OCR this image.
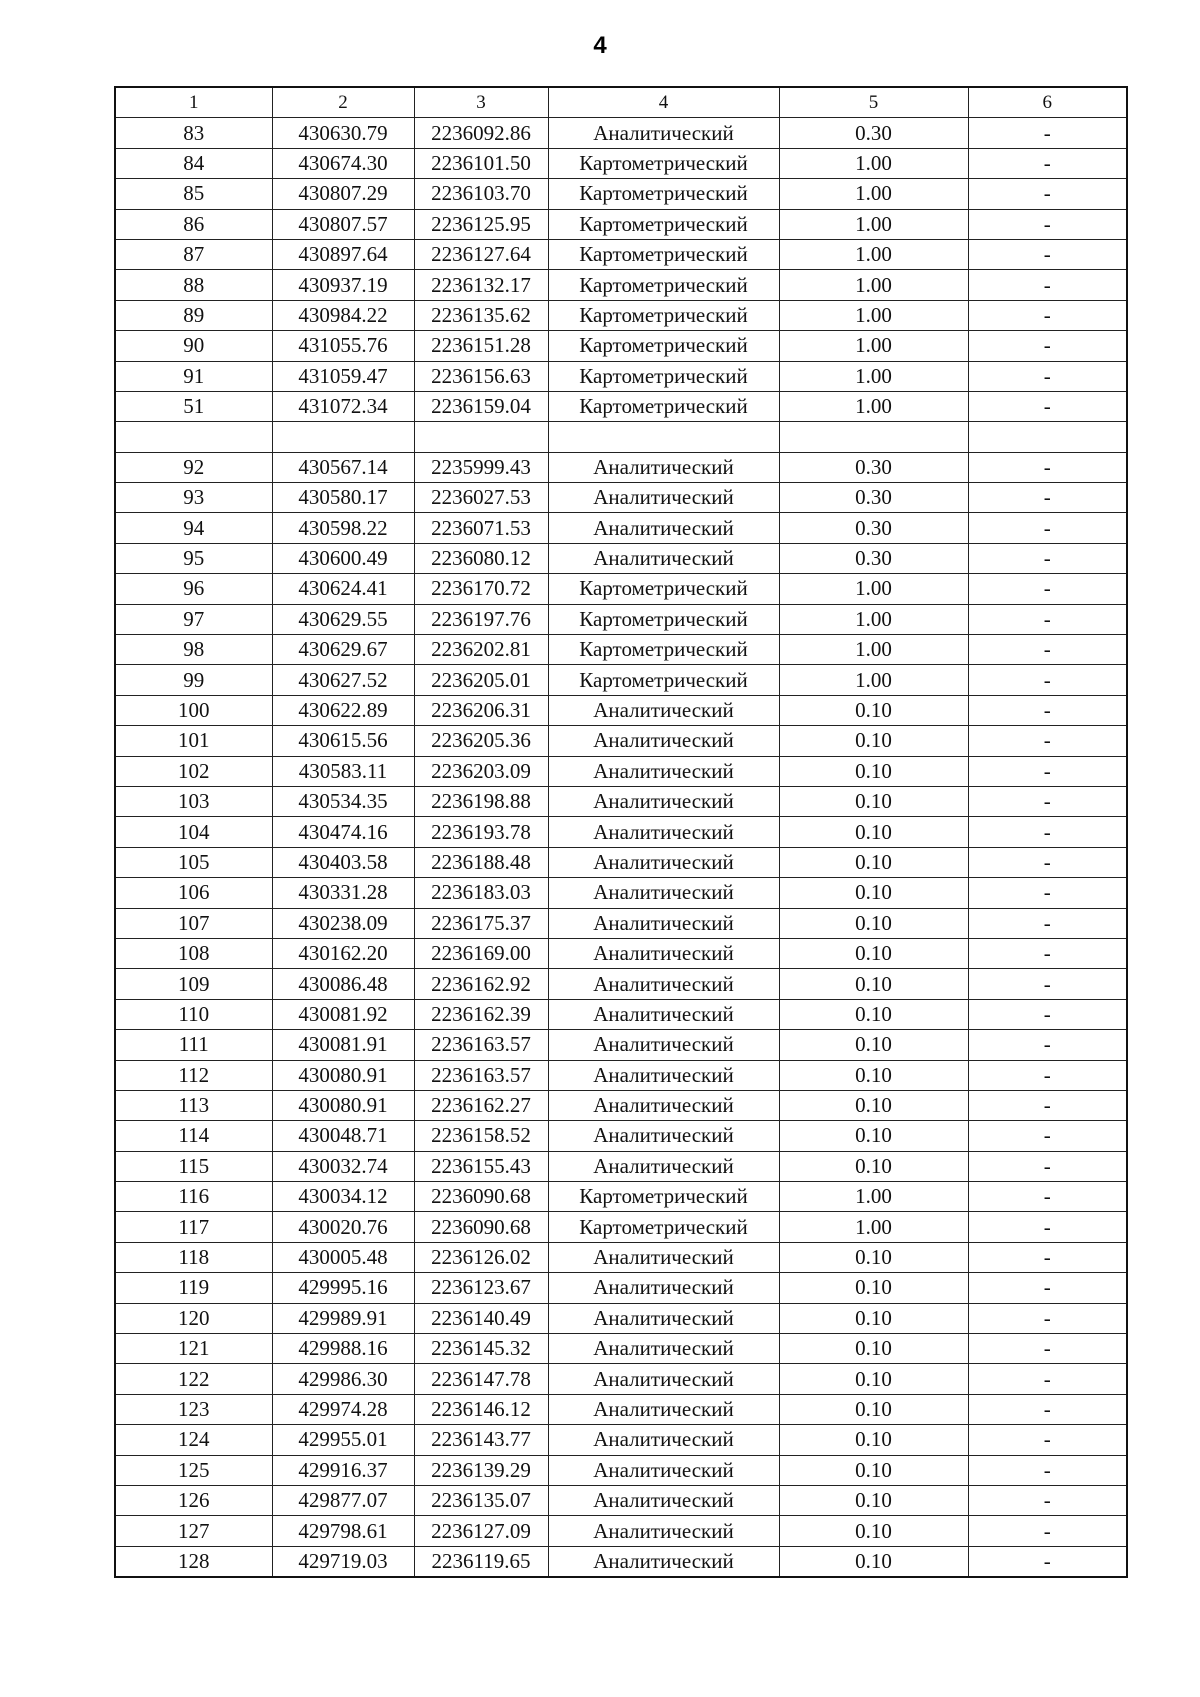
4
1	2	3	4	5	6
83	430630.79	2236092.86	Аналитический	0.30	-
84	430674.30	2236101.50	Картометрический	1.00	-
85	430807.29	2236103.70	Картометрический	1.00	-
86	430807.57	2236125.95	Картометрический	1.00	-
87	430897.64	2236127.64	Картометрический	1.00	-
88	430937.19	2236132.17	Картометрический	1.00	-
89	430984.22	2236135.62	Картометрический	1.00	-
90	431055.76	2236151.28	Картометрический	1.00	-
91	431059.47	2236156.63	Картометрический	1.00	-
51	431072.34	2236159.04	Картометрический	1.00	-

92	430567.14	2235999.43	Аналитический	0.30	-
93	430580.17	2236027.53	Аналитический	0.30	-
94	430598.22	2236071.53	Аналитический	0.30	-
95	430600.49	2236080.12	Аналитический	0.30	-
96	430624.41	2236170.72	Картометрический	1.00	-
97	430629.55	2236197.76	Картометрический	1.00	-
98	430629.67	2236202.81	Картометрический	1.00	-
99	430627.52	2236205.01	Картометрический	1.00	-
100	430622.89	2236206.31	Аналитический	0.10	-
101	430615.56	2236205.36	Аналитический	0.10	-
102	430583.11	2236203.09	Аналитический	0.10	-
103	430534.35	2236198.88	Аналитический	0.10	-
104	430474.16	2236193.78	Аналитический	0.10	-
105	430403.58	2236188.48	Аналитический	0.10	-
106	430331.28	2236183.03	Аналитический	0.10	-
107	430238.09	2236175.37	Аналитический	0.10	-
108	430162.20	2236169.00	Аналитический	0.10	-
109	430086.48	2236162.92	Аналитический	0.10	-
110	430081.92	2236162.39	Аналитический	0.10	-
111	430081.91	2236163.57	Аналитический	0.10	-
112	430080.91	2236163.57	Аналитический	0.10	-
113	430080.91	2236162.27	Аналитический	0.10	-
114	430048.71	2236158.52	Аналитический	0.10	-
115	430032.74	2236155.43	Аналитический	0.10	-
116	430034.12	2236090.68	Картометрический	1.00	-
117	430020.76	2236090.68	Картометрический	1.00	-
118	430005.48	2236126.02	Аналитический	0.10	-
119	429995.16	2236123.67	Аналитический	0.10	-
120	429989.91	2236140.49	Аналитический	0.10	-
121	429988.16	2236145.32	Аналитический	0.10	-
122	429986.30	2236147.78	Аналитический	0.10	-
123	429974.28	2236146.12	Аналитический	0.10	-
124	429955.01	2236143.77	Аналитический	0.10	-
125	429916.37	2236139.29	Аналитический	0.10	-
126	429877.07	2236135.07	Аналитический	0.10	-
127	429798.61	2236127.09	Аналитический	0.10	-
128	429719.03	2236119.65	Аналитический	0.10	-
